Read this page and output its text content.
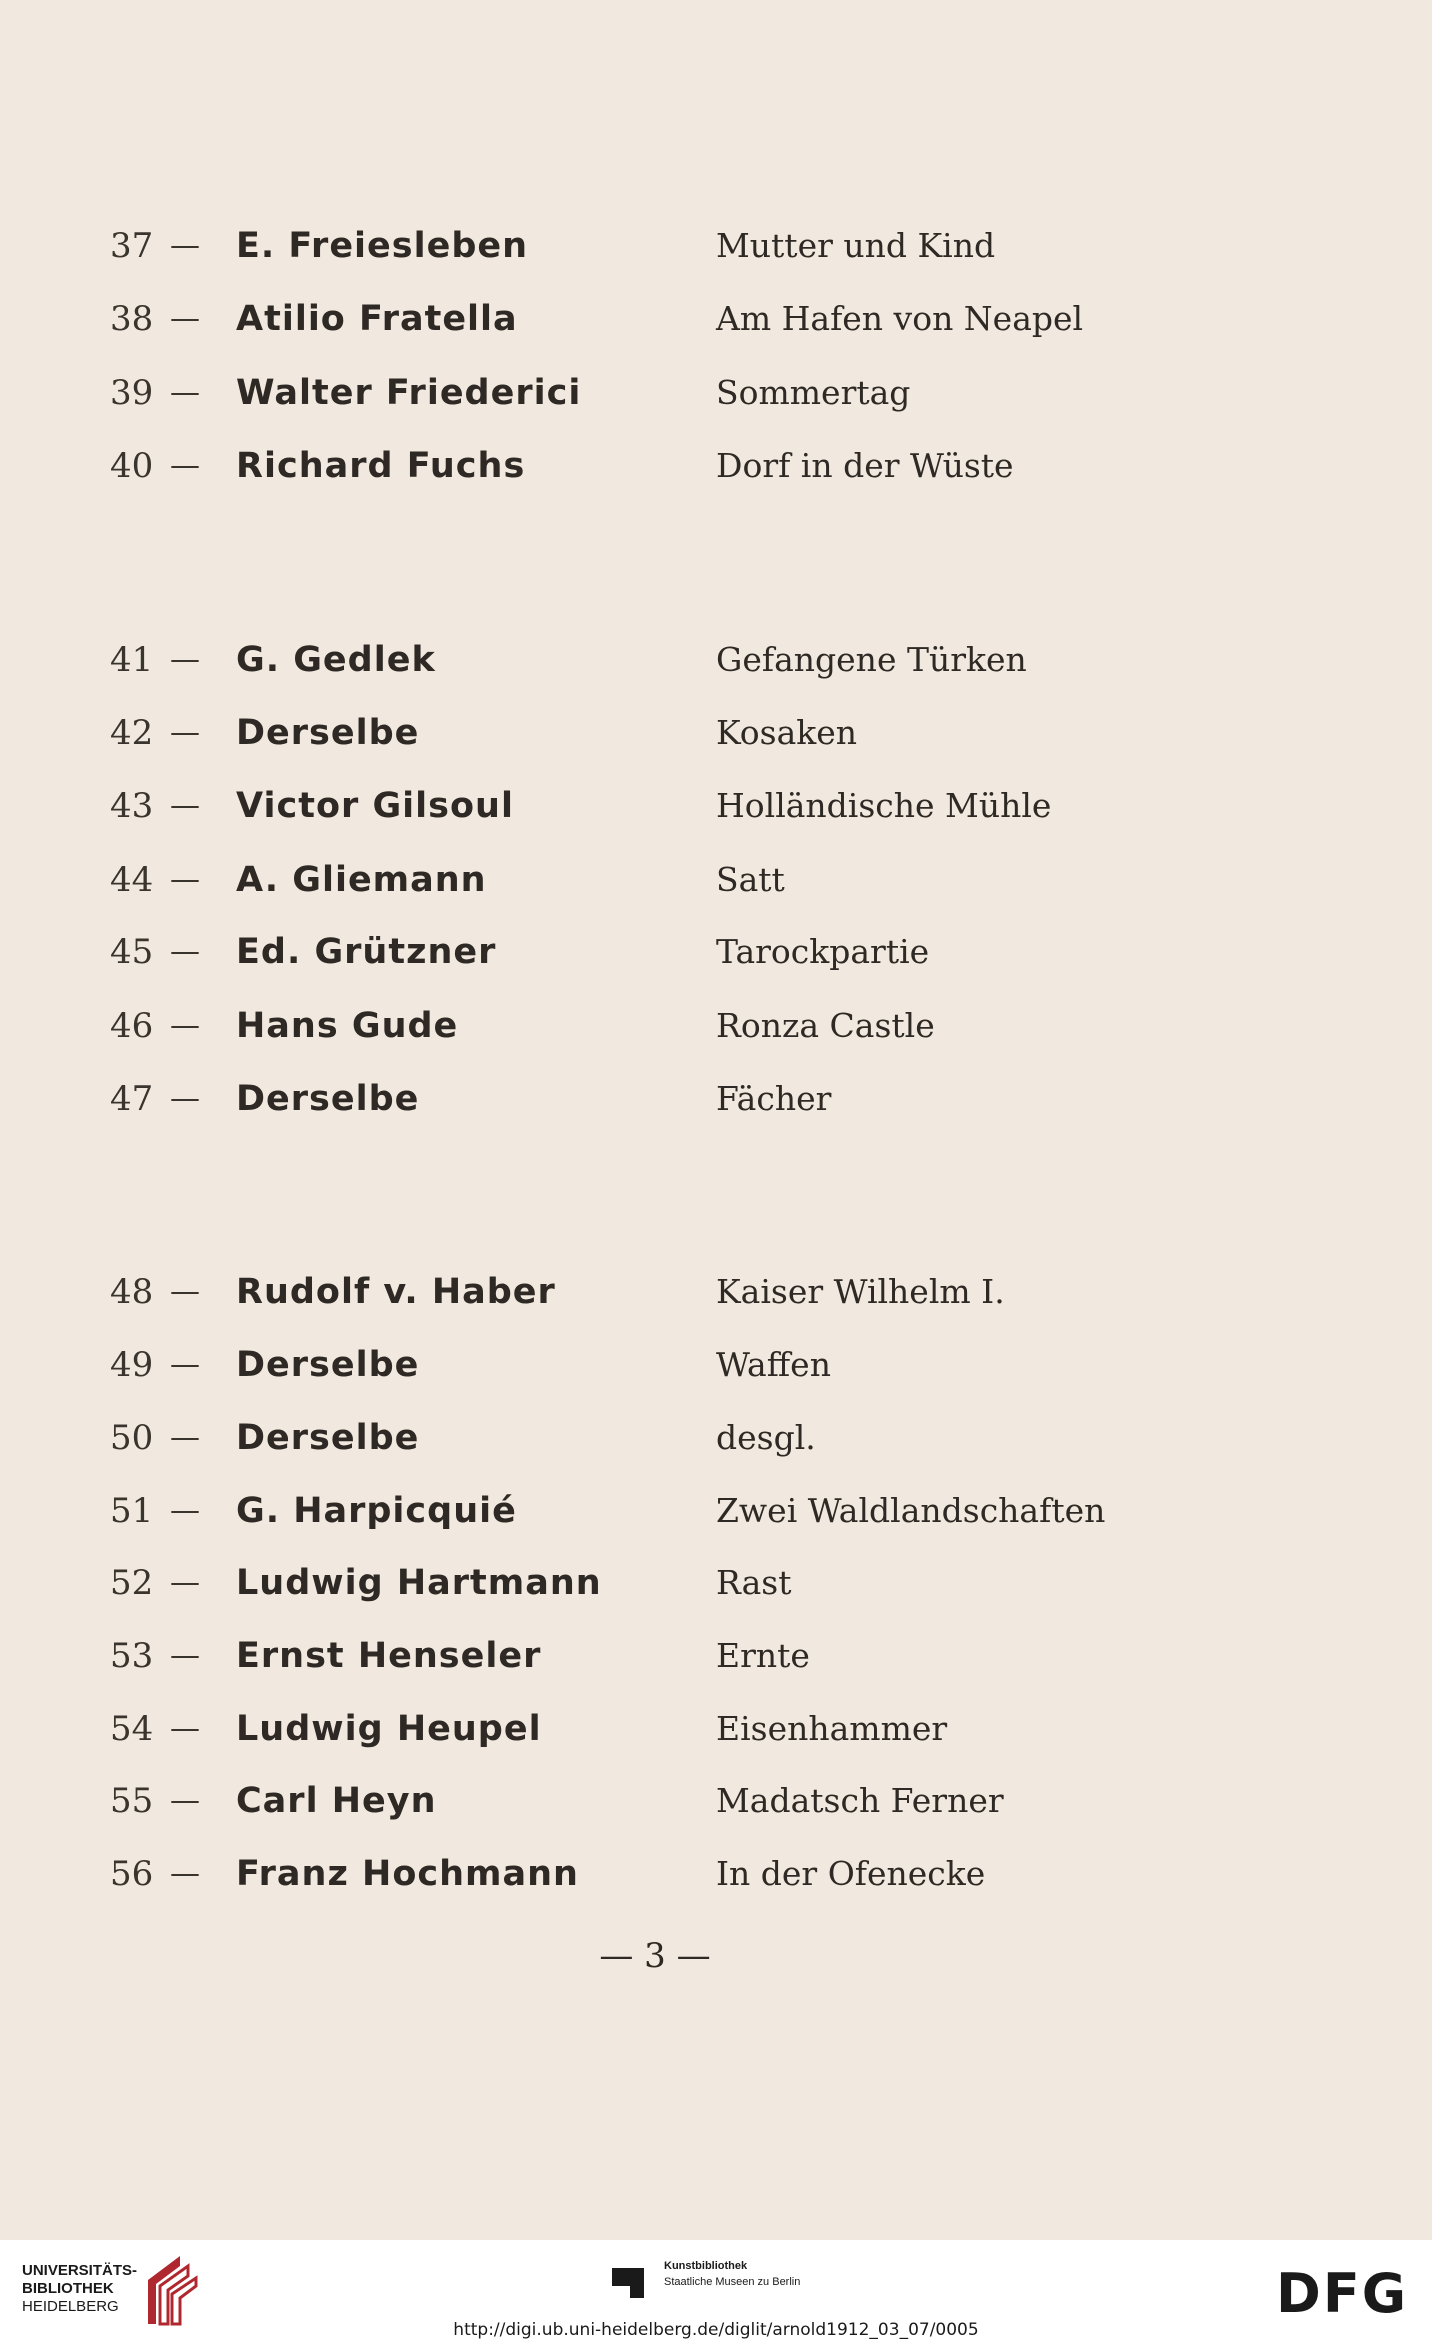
37 —	E. Freiesleben	Mutter und Kind
38 —	Atilio Fratella	Am Hafen von Neapel
39 —	Walter Friederici	Sommertag
40 —	Richard Fuchs	Dorf in der Wüste
41 —	G. Gedlek	Gefangene Türken
42 —	Derselbe	Kosaken
43 —	Victor Gilsoul	Holländische Mühle
44 —	A. Gliemann	Satt
45 —	Ed. Grützner	Tarockpartie
46 —	Hans Gude	Ronza Castle
47 —	Derselbe	Fächer
48 —	Rudolf v. Haber	Kaiser Wilhelm I.
49 —	Derselbe	Waffen
50 —	Derselbe	desgl.
51 —	G. Harpicquié	Zwei Waldlandschaften
52 —	Ludwig Hartmann	Rast
53 —	Ernst Henseler	Ernte
54 —	Ludwig Heupel	Eisenhammer
55 —	Carl Heyn	Madatsch Ferner
56 —	Franz Hochmann	In der Ofenecke
— 3 —
UNIVERSITÄTS-
BIBLIOTHEK
HEIDELBERG
Kunstbibliothek
Staatliche Museen zu Berlin	DFG
http://digi.ub.uni-heidelberg.de/diglit/arnold1912_03_07/0005
